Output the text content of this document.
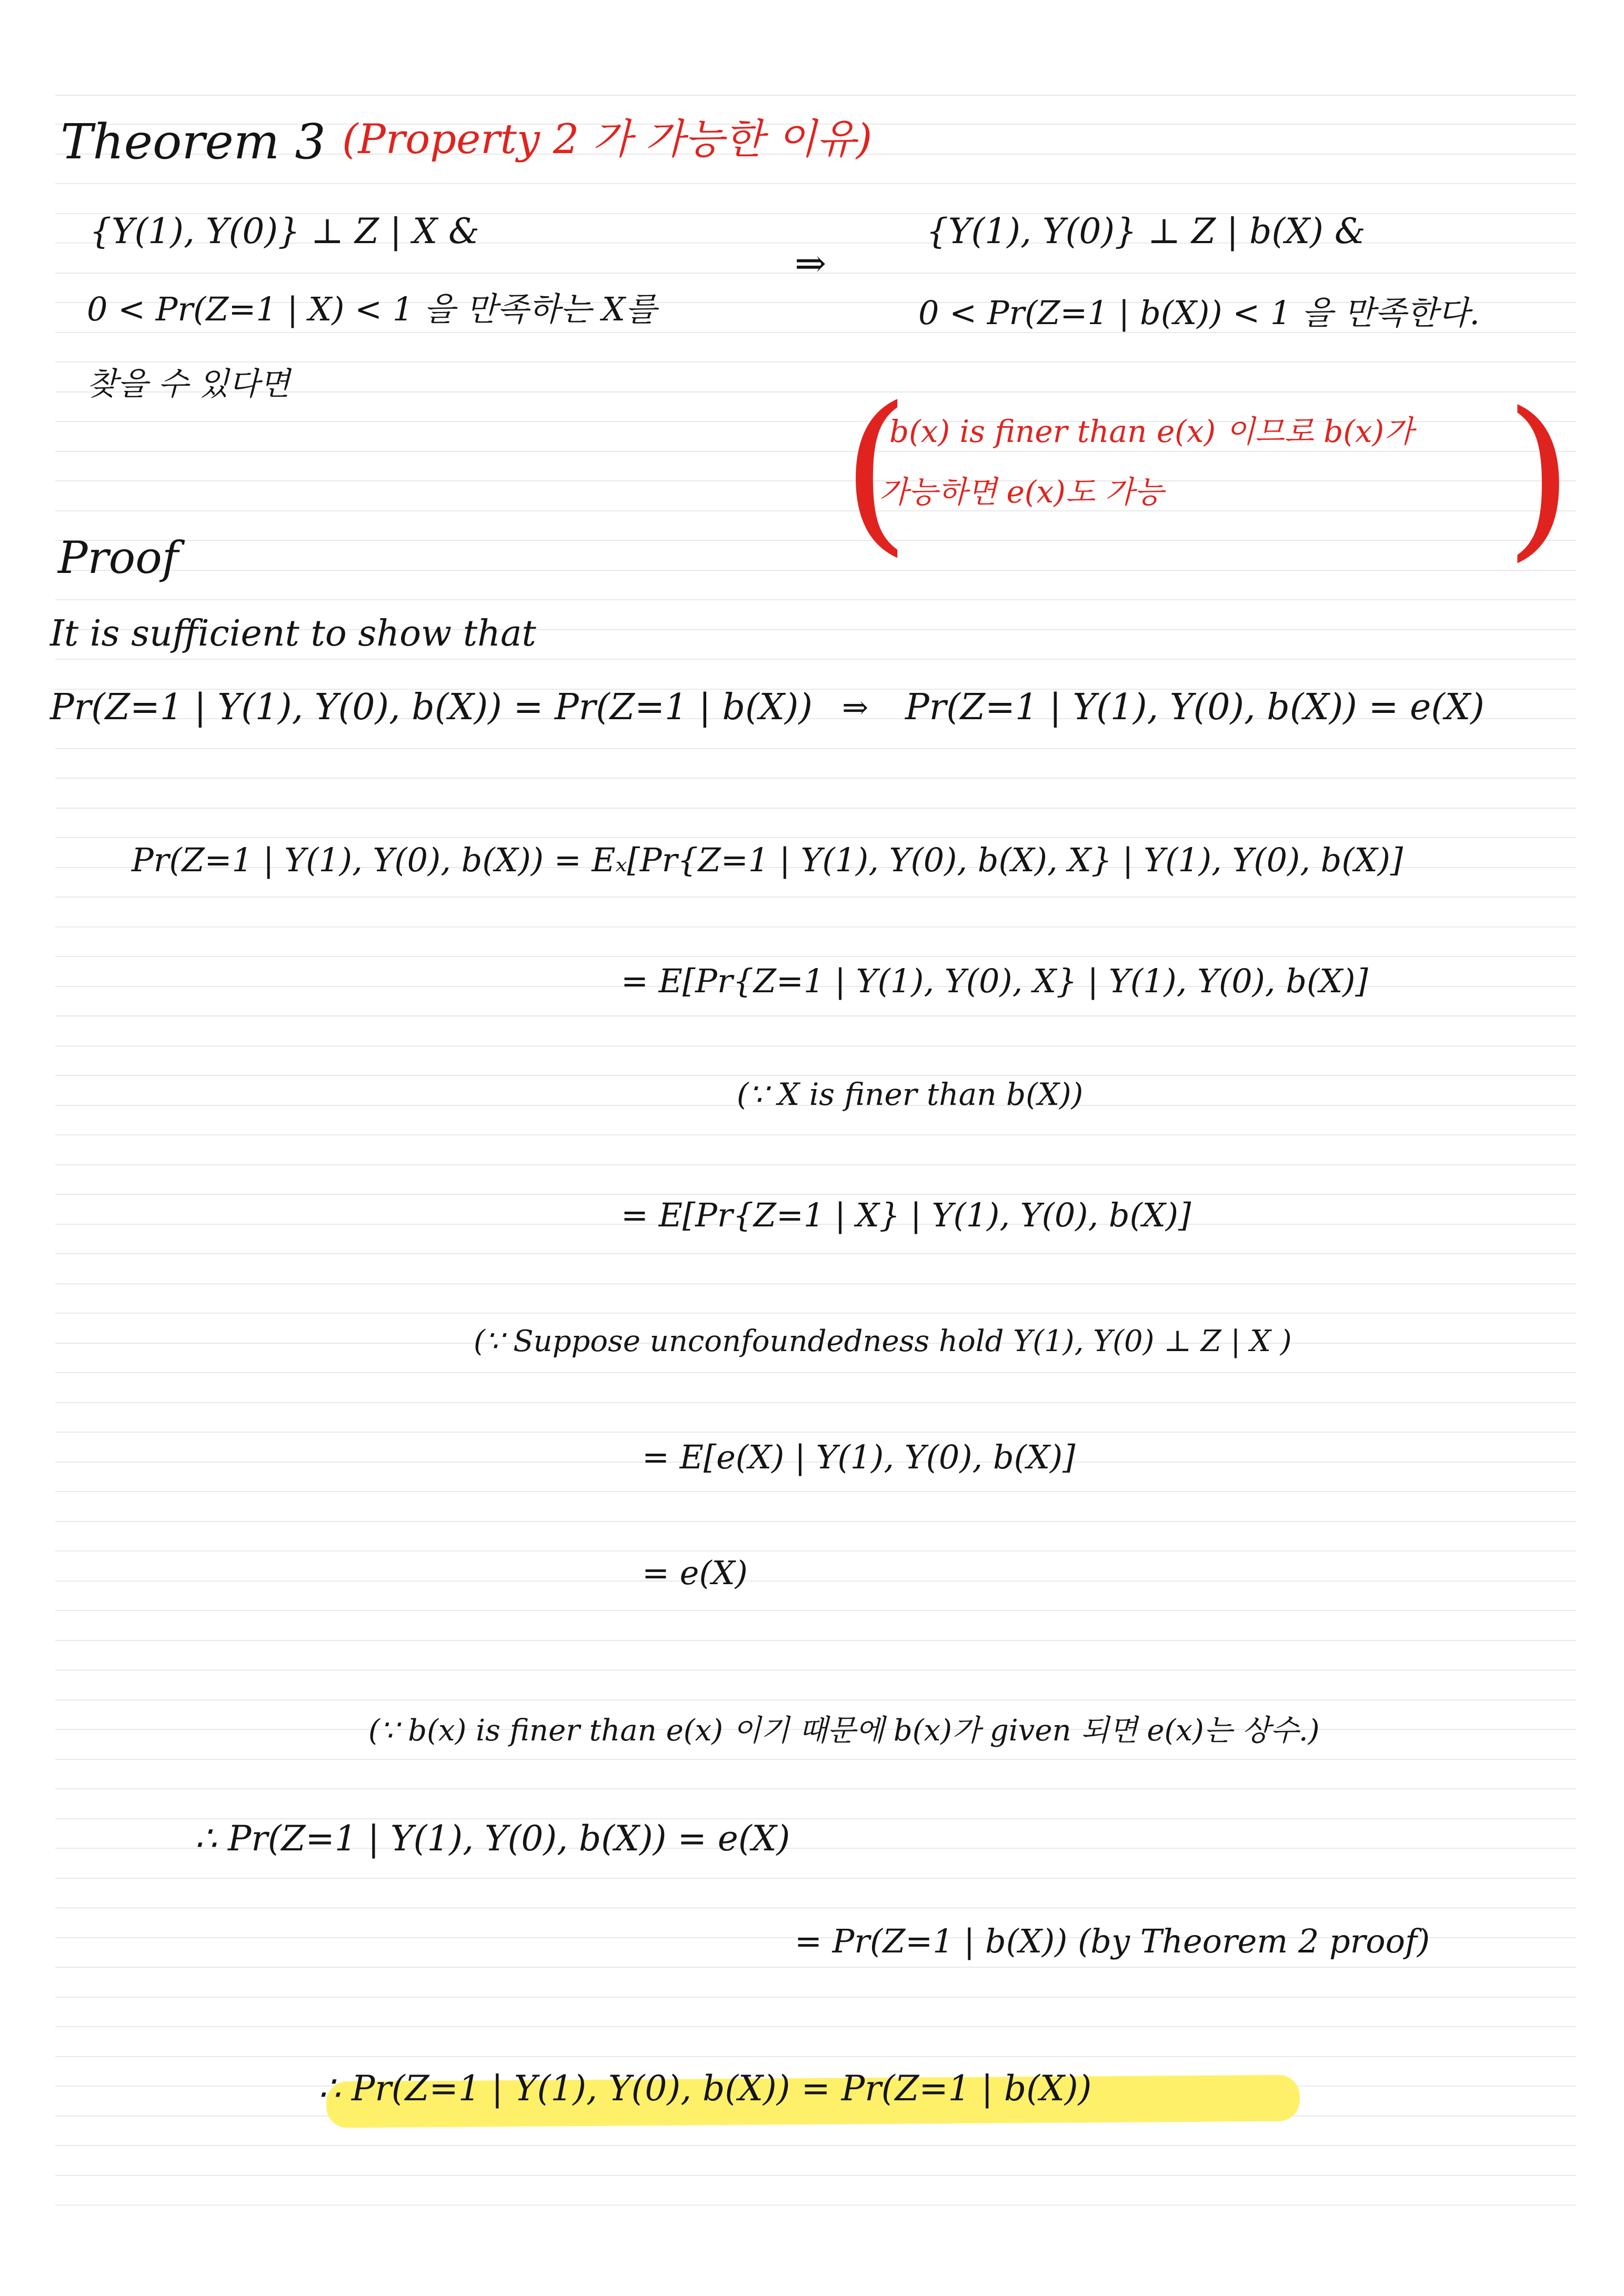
Theorem 3 (Property 2 가 가능한 이유)
{Y(1), Y(0)} ⊥ Z | X &
0 < Pr(Z=1 | X) < 1 을 만족하는 X를
찾을 수 있다면
⇒
{Y(1), Y(0)} ⊥ Z | b(X) &
0 < Pr(Z=1 | b(X)) < 1 을 만족한다.
(
b(x) is finer than e(x) 이므로 b(x)가
가능하면 e(x)도 가능 )
Proof
It is sufficient to show that
Pr(Z=1 | Y(1), Y(0), b(X)) = Pr(Z=1 | b(X)) ⇒ Pr(Z=1 | Y(1), Y(0), b(X)) = e(X)
Pr(Z=1 | Y(1), Y(0), b(X)) = Eₓ[Pr{Z=1 | Y(1), Y(0), b(X), X} | Y(1), Y(0), b(X)]
= E[Pr{Z=1 | Y(1), Y(0), X} | Y(1), Y(0), b(X)]
(∵ X is finer than b(X))
= E[Pr{Z=1 | X} | Y(1), Y(0), b(X)]
(∵ Suppose unconfoundedness hold Y(1), Y(0) ⊥ Z | X )
= E[e(X) | Y(1), Y(0), b(X)]
= e(X)
(∵ b(x) is finer than e(x) 이기 때문에 b(x)가 given 되면 e(x)는 상수.)
∴ Pr(Z=1 | Y(1), Y(0), b(X)) = e(X)
= Pr(Z=1 | b(X)) (by Theorem 2 proof)
∴ Pr(Z=1 | Y(1), Y(0), b(X)) = Pr(Z=1 | b(X))
